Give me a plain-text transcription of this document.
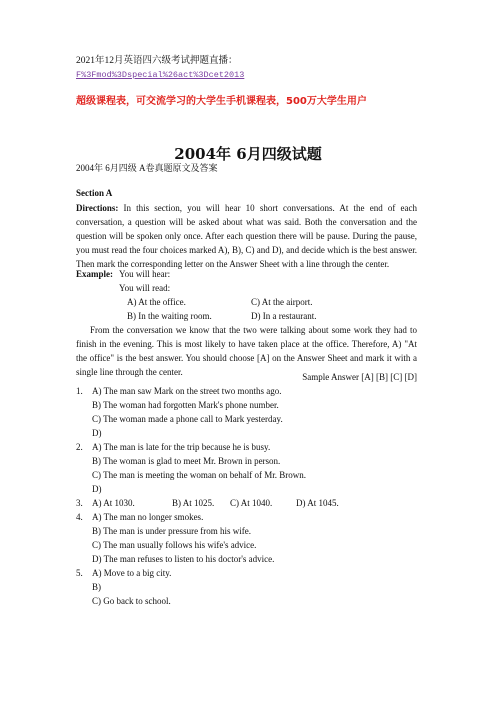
2021年12月英语四六级考试押题直播：
F%3Fmod%3Dspecial%26act%3Dcet2013
超级课程表，可交流学习的大学生手机课程表，500万大学生用户
2004年 6月四级试题
2004年 6月四级 A卷真题原文及答案
Section A
Directions: In this section, you will hear 10 short conversations. At the end of each conversation, a question will be asked about what was said. Both the conversation and the question will be spoken only once. After each question there will be pause. During the pause, you must read the four choices marked A), B), C) and D), and decide which is the best answer. Then mark the corresponding letter on the Answer Sheet with a line through the center.
Example: You will hear:
You will read:
A) At the office.	C) At the airport.
B) In the waiting room.	D) In a restaurant.
From the conversation we know that the two were talking about some work they had to finish in the evening. This is most likely to have taken place at the office. Therefore, A) "At the office" is the best answer. You should choose [A] on the Answer Sheet and mark it with a single line through the center.	Sample Answer [A] [B] [C] [D]
1. A) The man saw Mark on the street two months ago.
B) The woman had forgotten Mark's phone number.
C) The woman made a phone call to Mark yesterday.
D)
2. A) The man is late for the trip because he is busy.
B) The woman is glad to meet Mr. Brown in person.
C) The man is meeting the woman on behalf of Mr. Brown.
D)
3. A) At 1030.	B) At 1025. C) At 1040.	D) At 1045.
4. A) The man no longer smokes.
B) The man is under pressure from his wife.
C) The man usually follows his wife's advice.
D) The man refuses to listen to his doctor's advice.
5. A) Move to a big city.
B)
C) Go back to school.
